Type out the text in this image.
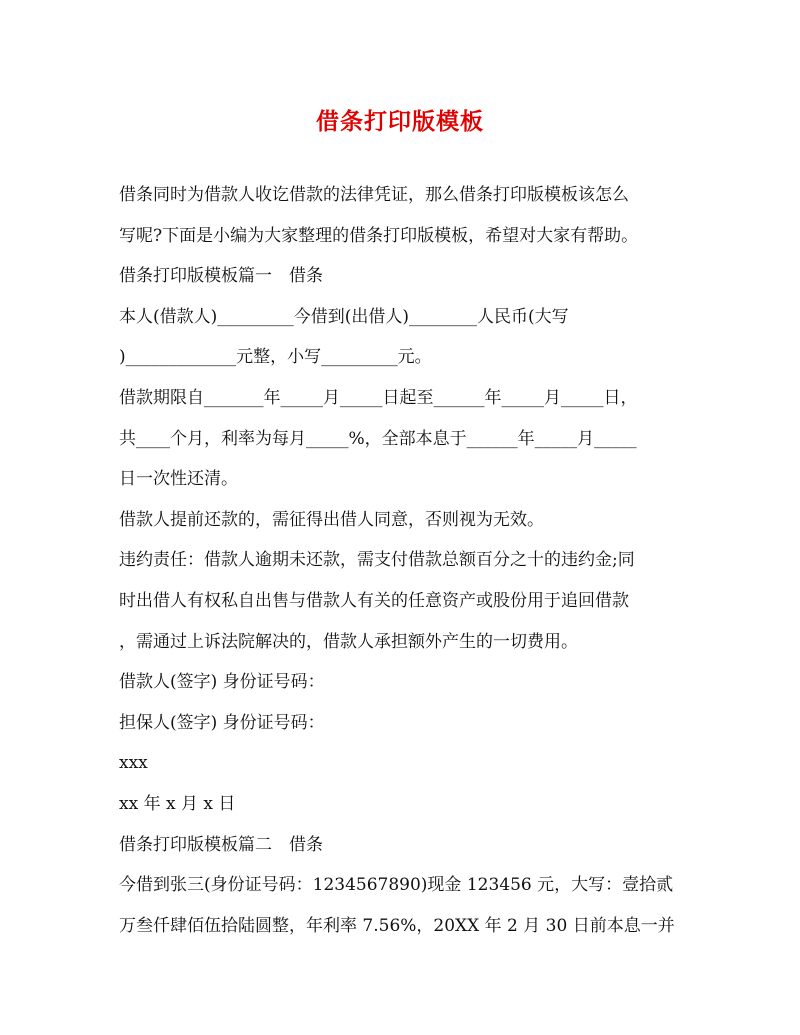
借条打印版模板
借条同时为借款人收讫借款的法律凭证，那么借条打印版模板该怎么
写呢?下面是小编为大家整理的借条打印版模板，希望对大家有帮助。
借条打印版模板篇一　借条
本人(借款人)_________今借到(出借人)________人民币(大写
)_____________元整，小写_________元。
借款期限自_______年_____月_____日起至______年_____月_____日，
共____个月，利率为每月_____%，全部本息于______年_____月_____
日一次性还清。
借款人提前还款的，需征得出借人同意，否则视为无效。
违约责任：借款人逾期未还款，需支付借款总额百分之十的违约金;同
时出借人有权私自出售与借款人有关的任意资产或股份用于追回借款
，需通过上诉法院解决的，借款人承担额外产生的一切费用。
借款人(签字) 身份证号码：
担保人(签字) 身份证号码：
xxx
xx 年 x 月 x 日
借条打印版模板篇二　借条
今借到张三(身份证号码：1234567890)现金 123456 元，大写：壹拾贰
万叁仟肆佰伍拾陆圆整，年利率 7.56%，20XX 年 2 月 30 日前本息一并
